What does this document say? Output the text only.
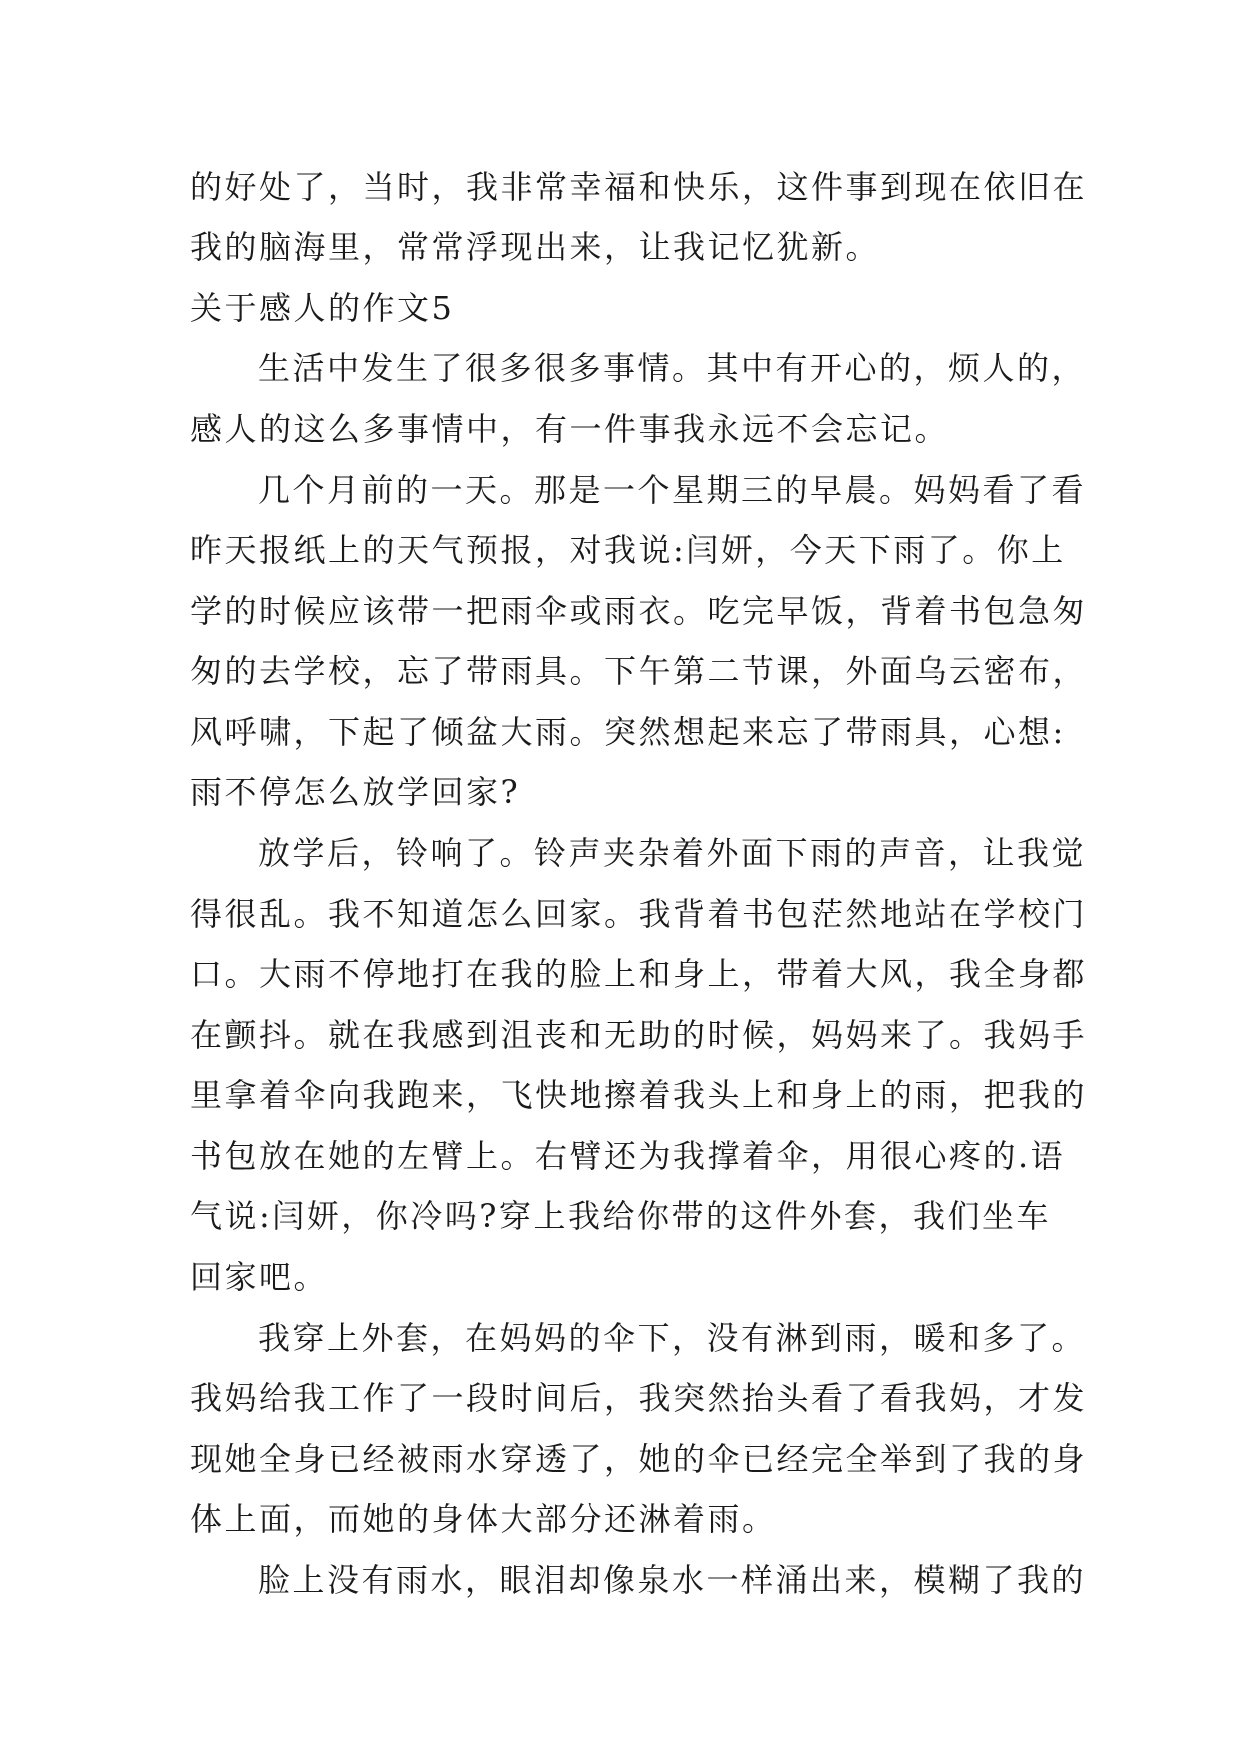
的好处了，当时，我非常幸福和快乐，这件事到现在依旧在
我的脑海里，常常浮现出来，让我记忆犹新。
关于感人的作文5
生活中发生了很多很多事情。其中有开心的，烦人的，
感人的这么多事情中，有一件事我永远不会忘记。
几个月前的一天。那是一个星期三的早晨。妈妈看了看
昨天报纸上的天气预报，对我说:闫妍，今天下雨了。你上
学的时候应该带一把雨伞或雨衣。吃完早饭，背着书包急匆
匆的去学校，忘了带雨具。下午第二节课，外面乌云密布，
风呼啸，下起了倾盆大雨。突然想起来忘了带雨具，心想:
雨不停怎么放学回家?
放学后，铃响了。铃声夹杂着外面下雨的声音，让我觉
得很乱。我不知道怎么回家。我背着书包茫然地站在学校门
口。大雨不停地打在我的脸上和身上，带着大风，我全身都
在颤抖。就在我感到沮丧和无助的时候，妈妈来了。我妈手
里拿着伞向我跑来，飞快地擦着我头上和身上的雨，把我的
书包放在她的左臂上。右臂还为我撑着伞，用很心疼的.语
气说:闫妍，你冷吗?穿上我给你带的这件外套，我们坐车
回家吧。
我穿上外套，在妈妈的伞下，没有淋到雨，暖和多了。
我妈给我工作了一段时间后，我突然抬头看了看我妈，才发
现她全身已经被雨水穿透了，她的伞已经完全举到了我的身
体上面，而她的身体大部分还淋着雨。
脸上没有雨水，眼泪却像泉水一样涌出来，模糊了我的
